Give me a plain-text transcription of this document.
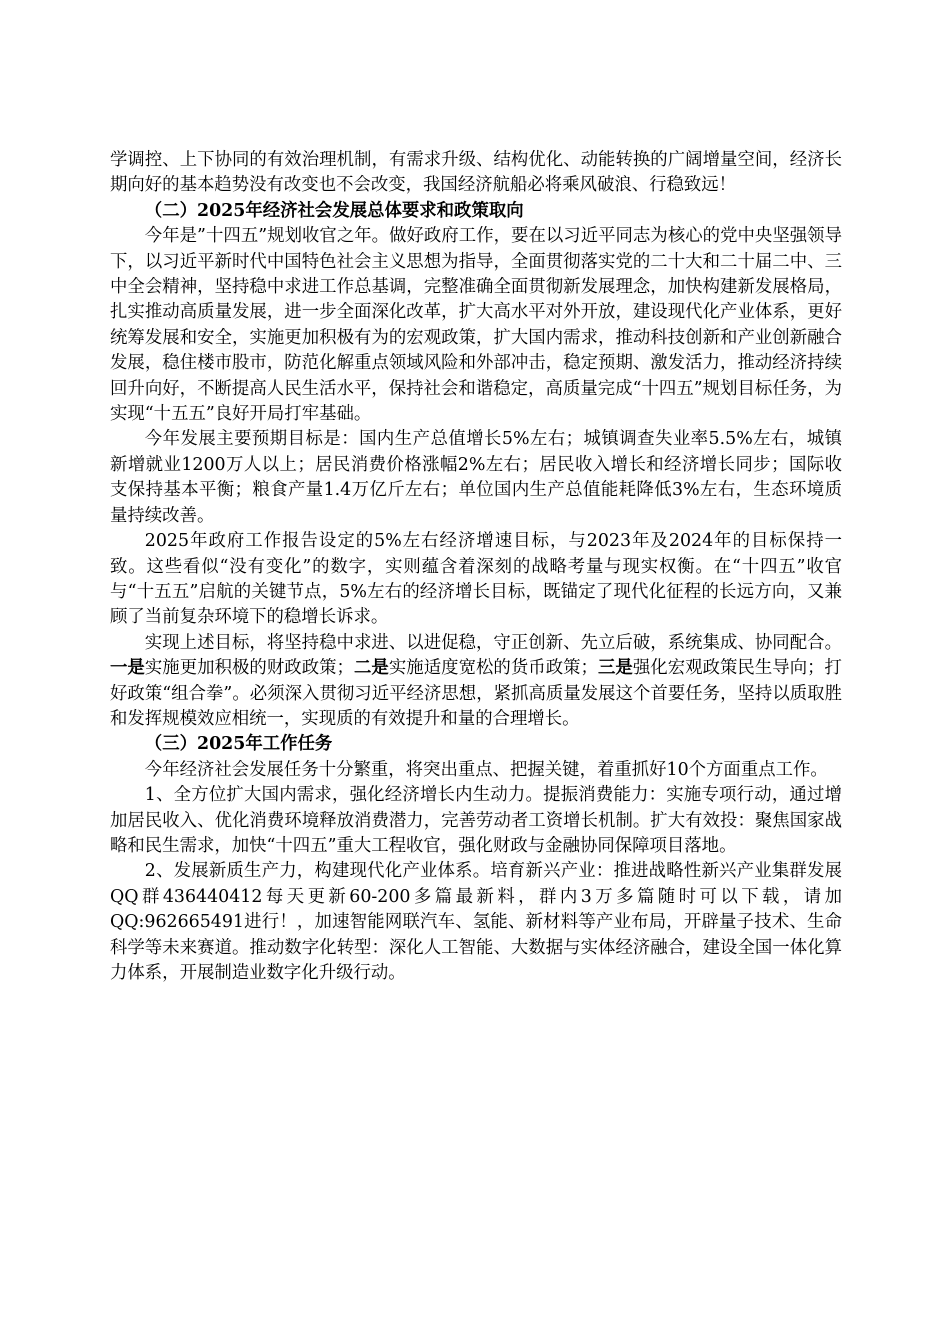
学调控、上下协同的有效治理机制，有需求升级、结构优化、动能转换的广阔增量空间，经济长期向好的基本趋势没有改变也不会改变，我国经济航船必将乘风破浪、行稳致远！

（二）2025年经济社会发展总体要求和政策取向

今年是”十四五”规划收官之年。做好政府工作，要在以习近平同志为核心的党中央坚强领导下，以习近平新时代中国特色社会主义思想为指导，全面贯彻落实党的二十大和二十届二中、三中全会精神，坚持稳中求进工作总基调，完整准确全面贯彻新发展理念，加快构建新发展格局，扎实推动高质量发展，进一步全面深化改革，扩大高水平对外开放，建设现代化产业体系，更好统筹发展和安全，实施更加积极有为的宏观政策，扩大国内需求，推动科技创新和产业创新融合发展，稳住楼市股市，防范化解重点领域风险和外部冲击，稳定预期、激发活力，推动经济持续回升向好，不断提高人民生活水平，保持社会和谐稳定，高质量完成“十四五”规划目标任务，为实现“十五五”良好开局打牢基础。

今年发展主要预期目标是：国内生产总值增长5%左右；城镇调查失业率5.5%左右，城镇新增就业1200万人以上；居民消费价格涨幅2%左右；居民收入增长和经济增长同步；国际收支保持基本平衡；粮食产量1.4万亿斤左右；单位国内生产总值能耗降低3%左右，生态环境质量持续改善。

2025年政府工作报告设定的5%左右经济增速目标，与2023年及2024年的目标保持一致。这些看似“没有变化”的数字，实则蕴含着深刻的战略考量与现实权衡。在“十四五”收官与“十五五”启航的关键节点，5%左右的经济增长目标，既锚定了现代化征程的长远方向，又兼顾了当前复杂环境下的稳增长诉求。

实现上述目标，将坚持稳中求进、以进促稳，守正创新、先立后破，系统集成、协同配合。一是实施更加积极的财政政策；二是实施适度宽松的货币政策；三是强化宏观政策民生导向；打好政策“组合拳”。必须深入贯彻习近平经济思想，紧抓高质量发展这个首要任务，坚持以质取胜和发挥规模效应相统一，实现质的有效提升和量的合理增长。

（三）2025年工作任务

今年经济社会发展任务十分繁重，将突出重点、把握关键，着重抓好10个方面重点工作。

1、全方位扩大国内需求，强化经济增长内生动力。提振消费能力：实施专项行动，通过增加居民收入、优化消费环境释放消费潜力，完善劳动者工资增长机制。扩大有效投：聚焦国家战略和民生需求，加快“十四五”重大工程收官，强化财政与金融协同保障项目落地。

2、发展新质生产力，构建现代化产业体系。培育新兴产业：推进战略性新兴产业集群发展QQ群436440412每天更新60-200多篇最新料，群内3万多篇随时可以下载，请加QQ:962665491进行！，加速智能网联汽车、氢能、新材料等产业布局，开辟量子技术、生命科学等未来赛道。推动数字化转型：深化人工智能、大数据与实体经济融合，建设全国一体化算力体系，开展制造业数字化升级行动。
